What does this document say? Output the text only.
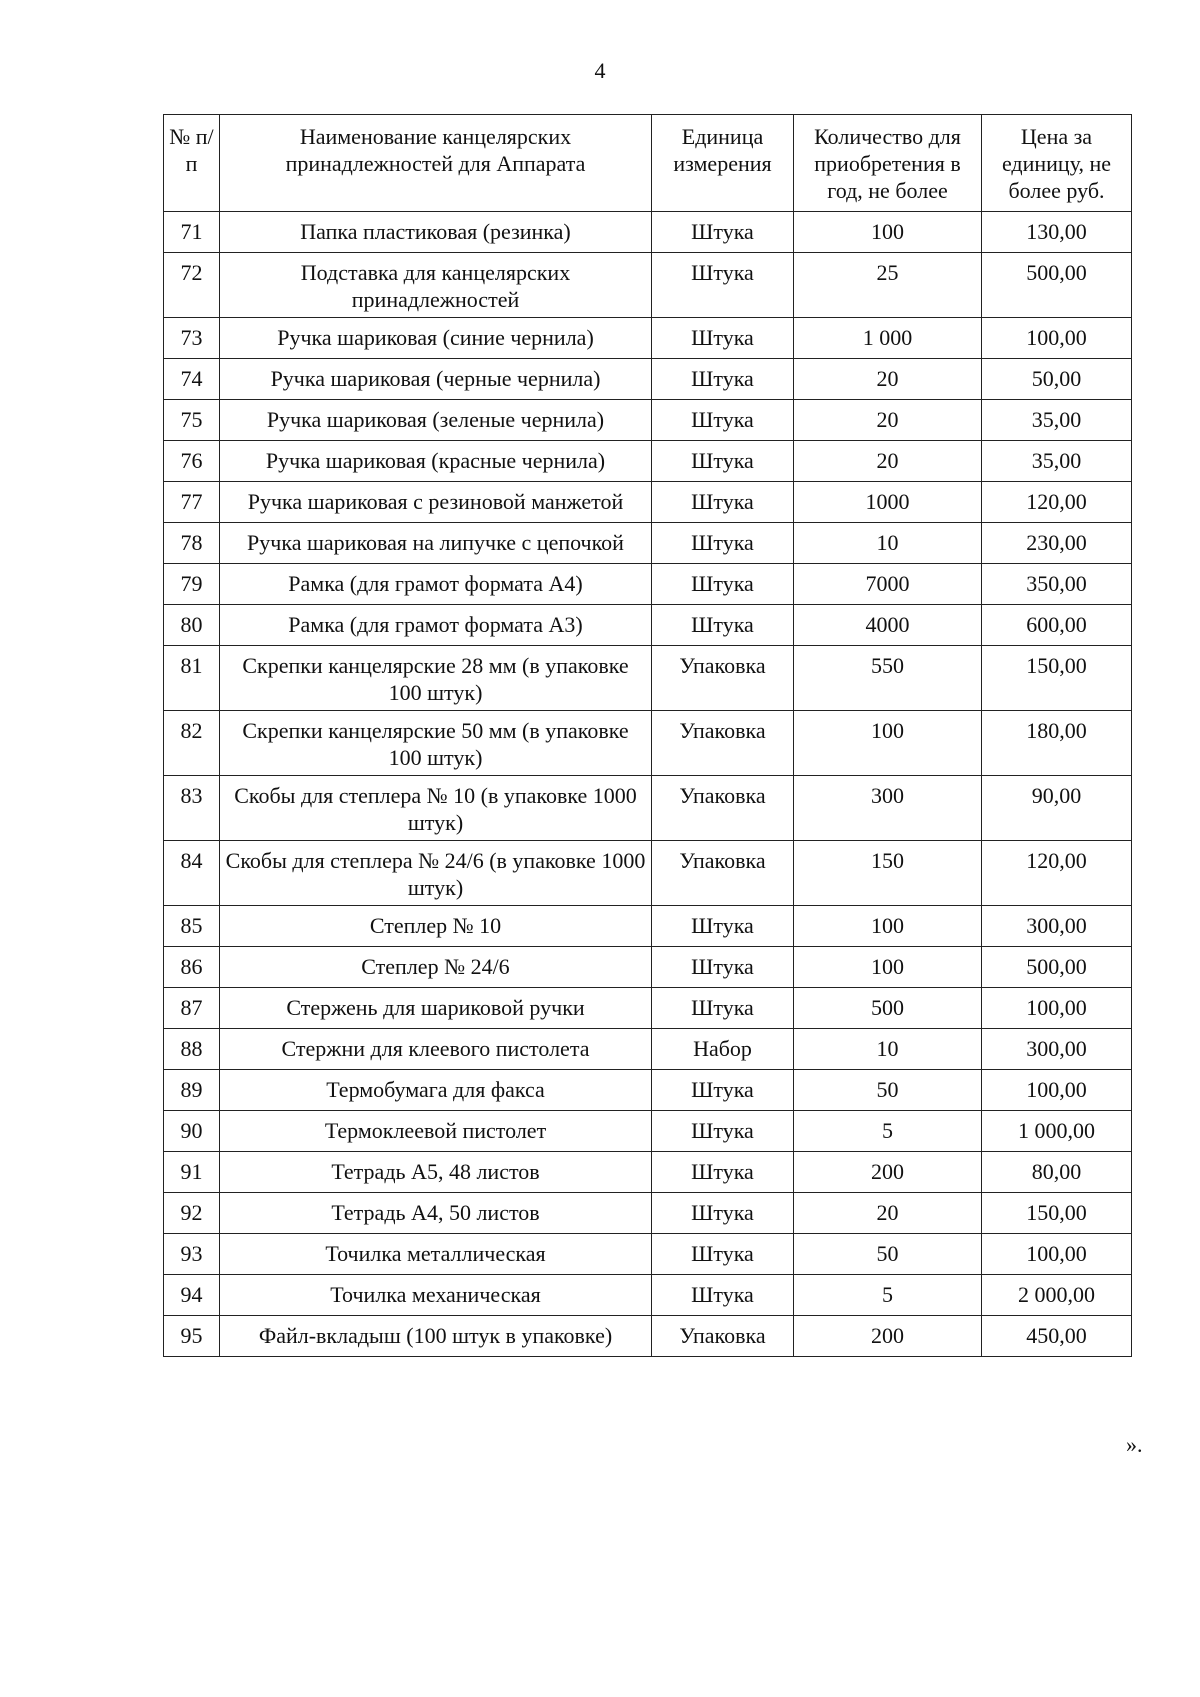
4
№ п/п	Наименование канцелярских принадлежностей для Аппарата	Единица измерения	Количество для приобретения в год, не более	Цена за единицу, не более руб.
71	Папка пластиковая (резинка)	Штука	100	130,00
72	Подставка для канцелярских принадлежностей	Штука	25	500,00
73	Ручка шариковая (синие чернила)	Штука	1 000	100,00
74	Ручка шариковая (черные чернила)	Штука	20	50,00
75	Ручка шариковая (зеленые чернила)	Штука	20	35,00
76	Ручка шариковая (красные чернила)	Штука	20	35,00
77	Ручка шариковая с резиновой манжетой	Штука	1000	120,00
78	Ручка шариковая на липучке с цепочкой	Штука	10	230,00
79	Рамка (для грамот формата А4)	Штука	7000	350,00
80	Рамка (для грамот формата А3)	Штука	4000	600,00
81	Скрепки канцелярские 28 мм (в упаковке 100 штук)	Упаковка	550	150,00
82	Скрепки канцелярские 50 мм (в упаковке 100 штук)	Упаковка	100	180,00
83	Скобы для степлера № 10 (в упаковке 1000 штук)	Упаковка	300	90,00
84	Скобы для степлера № 24/6 (в упаковке 1000 штук)	Упаковка	150	120,00
85	Степлер № 10	Штука	100	300,00
86	Степлер № 24/6	Штука	100	500,00
87	Стержень для шариковой ручки	Штука	500	100,00
88	Стержни для клеевого пистолета	Набор	10	300,00
89	Термобумага для факса	Штука	50	100,00
90	Термоклеевой пистолет	Штука	5	1 000,00
91	Тетрадь А5, 48 листов	Штука	200	80,00
92	Тетрадь А4, 50 листов	Штука	20	150,00
93	Точилка металлическая	Штука	50	100,00
94	Точилка механическая	Штука	5	2 000,00
95	Файл-вкладыш (100 штук в упаковке)	Упаковка	200	450,00
».
